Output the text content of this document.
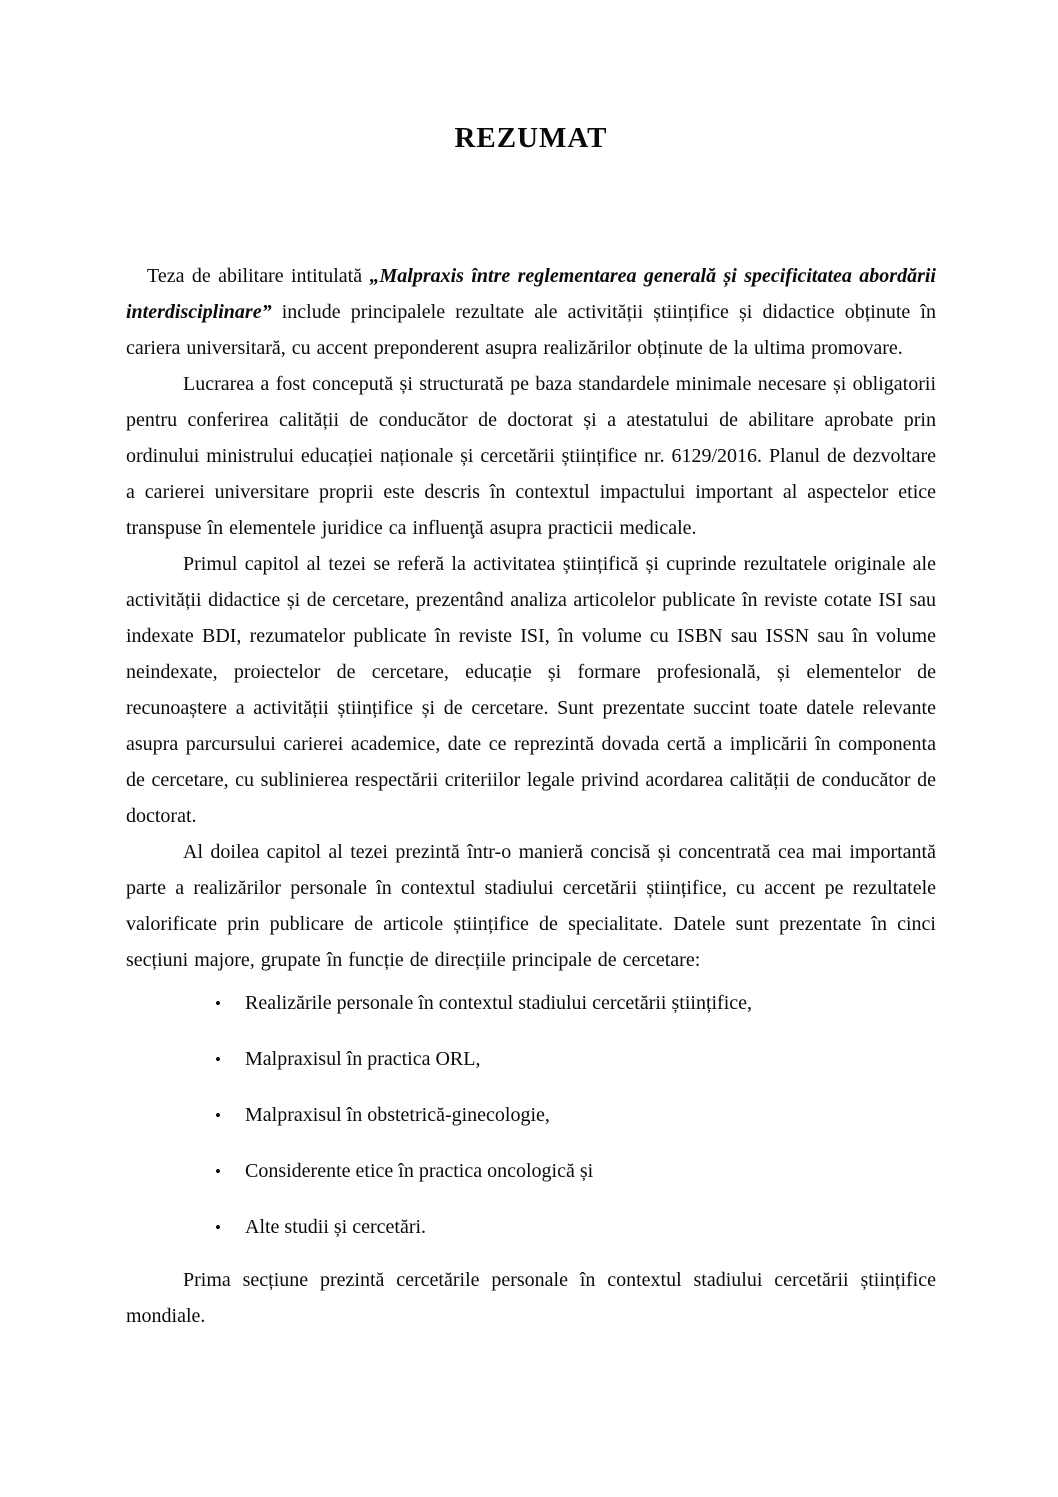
REZUMAT

Teza de abilitare intitulată „Malpraxis între reglementarea generală și specificitatea abordării interdisciplinare” include principalele rezultate ale activității științifice și didactice obținute în cariera universitară, cu accent preponderent asupra realizărilor obținute de la ultima promovare.

Lucrarea a fost concepută și structurată pe baza standardele minimale necesare și obligatorii pentru conferirea calității de conducător de doctorat și a atestatului de abilitare aprobate prin ordinului ministrului educației naționale și cercetării științifice nr. 6129/2016. Planul de dezvoltare a carierei universitare proprii este descris în contextul impactului important al aspectelor etice transpuse în elementele juridice ca influenţă asupra practicii medicale.

Primul capitol al tezei se referă la activitatea științifică și cuprinde rezultatele originale ale activității didactice și de cercetare, prezentând analiza articolelor publicate în reviste cotate ISI sau indexate BDI, rezumatelor publicate în reviste ISI, în volume cu ISBN sau ISSN sau în volume neindexate, proiectelor de cercetare, educație și formare profesională, și elementelor de recunoaștere a activității științifice și de cercetare. Sunt prezentate succint toate datele relevante asupra parcursului carierei academice, date ce reprezintă dovada certă a implicării în componenta de cercetare, cu sublinierea respectării criteriilor legale privind acordarea calității de conducător de doctorat.

Al doilea capitol al tezei prezintă într-o manieră concisă și concentrată cea mai importantă parte a realizărilor personale în contextul stadiului cercetării științifice, cu accent pe rezultatele valorificate prin publicare de articole științifice de specialitate. Datele sunt prezentate în cinci secțiuni majore, grupate în funcție de direcțiile principale de cercetare:

• Realizările personale în contextul stadiului cercetării științifice,
• Malpraxisul în practica ORL,
• Malpraxisul în obstetrică-ginecologie,
• Considerente etice în practica oncologică și
• Alte studii și cercetări.

Prima secțiune prezintă cercetările personale în contextul stadiului cercetării științifice mondiale.
